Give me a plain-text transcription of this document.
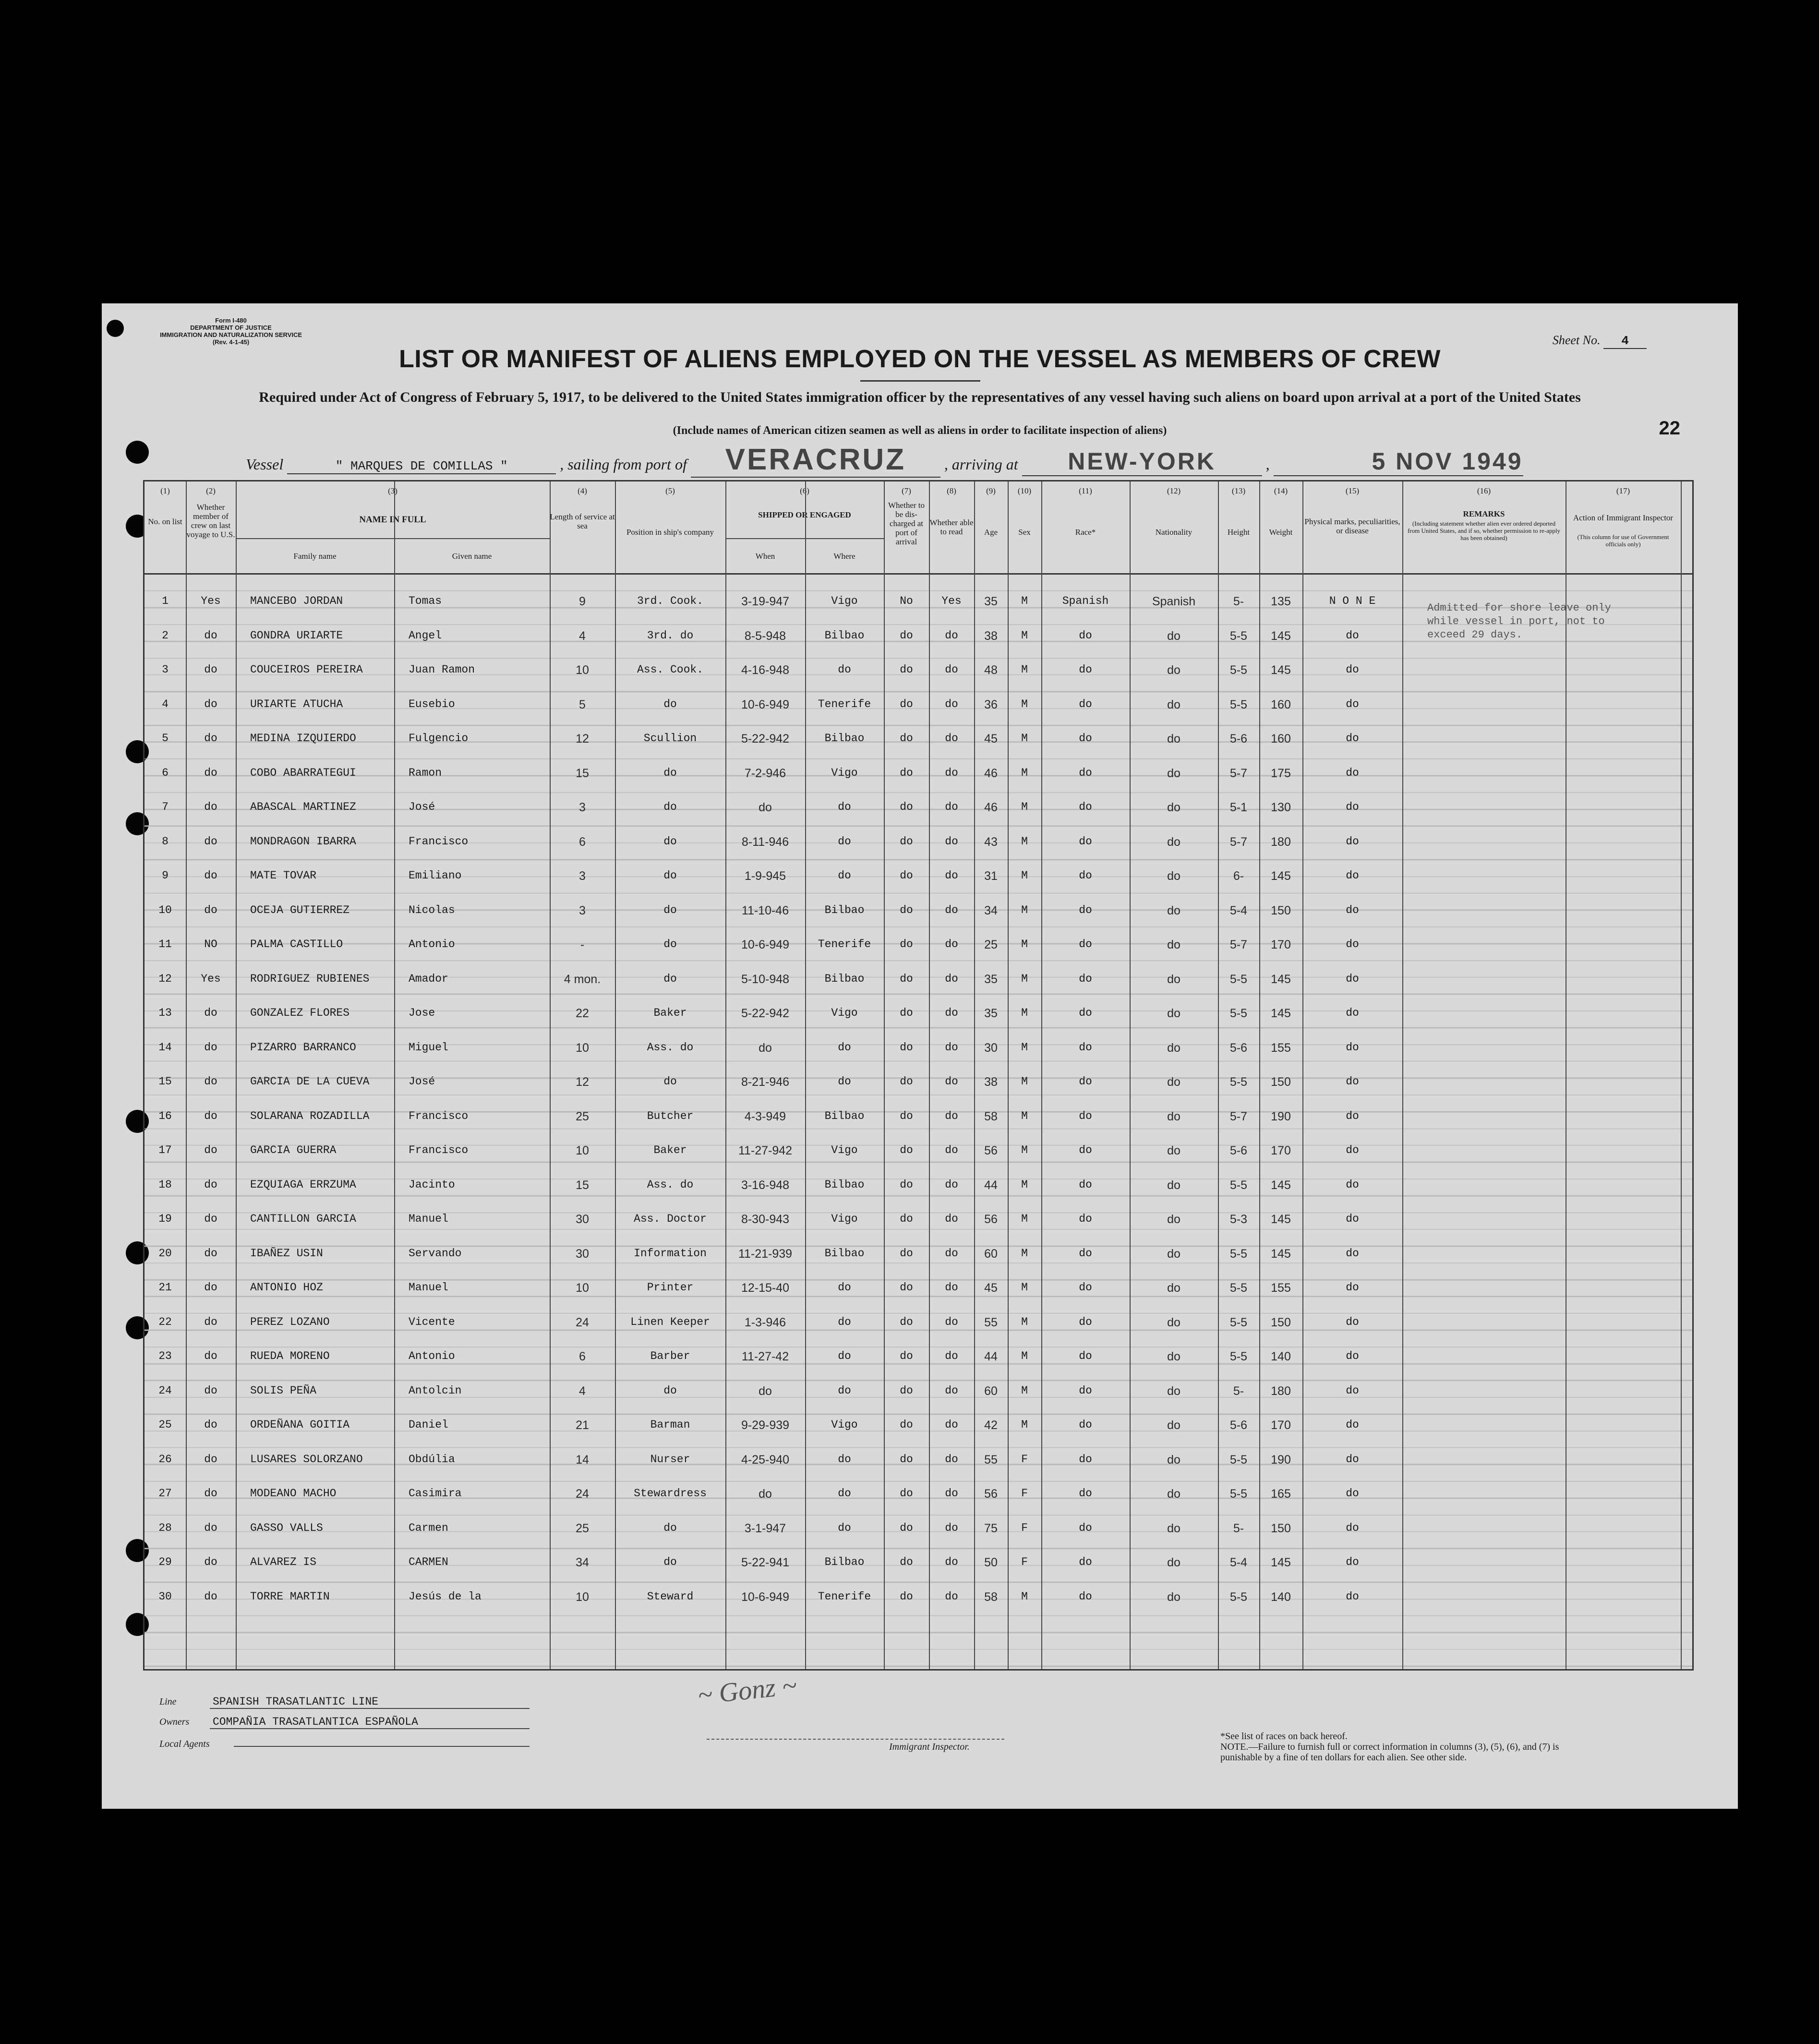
Form I-480
DEPARTMENT OF JUSTICE
IMMIGRATION AND NATURALIZATION SERVICE
(Rev. 4-1-45)	Sheet No. 4
LIST OR MANIFEST OF ALIENS EMPLOYED ON THE VESSEL AS MEMBERS OF CREW
Required under Act of Congress of February 5, 1917, to be delivered to the United States immigration officer by the representatives of any vessel having such aliens on board upon arrival at a port of the United States
(Include names of American citizen seamen as well as aliens in order to facilitate inspection of aliens)	22
Vessel	" MARQUES DE COMILLAS "	, sailing from port of VERACRUZ , arriving at NEW-YORK	,	5 NOV 1949
No. on list
Whether member of crew on last voyage to U.S.
NAME IN FULL
Family name	Given name
Length of service at sea
Position in ship's company
SHIPPED OR ENGAGED
When	Where
Whether to be dis-charged at port of arrival
Whether able to read	Age	Sex	Race*	Nationality	Height	Weight
Physical marks, peculiarities, or disease
REMARKS
(Including statement whether alien ever ordered deported from United States, and if so, whether permission to re-apply has been obtained)
Action of Immigrant Inspector
(This column for use of Government officials only)
(1)	(2)	(3)	(4)	(5)	(6)	(7)	(8)	(9)	(10)	(11)	(12)	(13)	(14)	(15)	(16)	(17)
1	Yes	MANCEBO JORDAN	Tomas	9	3rd. Cook.	3-19-947	Vigo	No	Yes	35	M	Spanish	Spanish	5-	135	N O N E
2	do	GONDRA URIARTE	Angel	4	3rd. do	8-5-948	Bilbao	do	do	38	M	do	do	5-5	145	do
3	do	COUCEIROS PEREIRA	Juan Ramon	10	Ass. Cook.	4-16-948	do	do	do	48	M	do	do	5-5	145	do
4	do	URIARTE ATUCHA	Eusebio	5	do	10-6-949	Tenerife	do	do	36	M	do	do	5-5	160	do
5	do	MEDINA IZQUIERDO	Fulgencio	12	Scullion	5-22-942	Bilbao	do	do	45	M	do	do	5-6	160	do
6	do	COBO ABARRATEGUI	Ramon	15	do	7-2-946	Vigo	do	do	46	M	do	do	5-7	175	do
7	do	ABASCAL MARTINEZ	José	3	do	do	do	do	do	46	M	do	do	5-1	130	do
8	do	MONDRAGON IBARRA	Francisco	6	do	8-11-946	do	do	do	43	M	do	do	5-7	180	do
9	do	MATE TOVAR	Emiliano	3	do	1-9-945	do	do	do	31	M	do	do	6-	145	do
10	do	OCEJA GUTIERREZ	Nicolas	3	do	11-10-46	Bilbao	do	do	34	M	do	do	5-4	150	do
11	NO	PALMA CASTILLO	Antonio	-	do	10-6-949	Tenerife	do	do	25	M	do	do	5-7	170	do
12	Yes	RODRIGUEZ RUBIENES	Amador	4 mon.	do	5-10-948	Bilbao	do	do	35	M	do	do	5-5	145	do
13	do	GONZALEZ FLORES	Jose	22	Baker	5-22-942	Vigo	do	do	35	M	do	do	5-5	145	do
14	do	PIZARRO BARRANCO	Miguel	10	Ass. do	do	do	do	do	30	M	do	do	5-6	155	do
15	do	GARCIA DE LA CUEVA	José	12	do	8-21-946	do	do	do	38	M	do	do	5-5	150	do
16	do	SOLARANA ROZADILLA	Francisco	25	Butcher	4-3-949	Bilbao	do	do	58	M	do	do	5-7	190	do
17	do	GARCIA GUERRA	Francisco	10	Baker	11-27-942	Vigo	do	do	56	M	do	do	5-6	170	do
18	do	EZQUIAGA ERRZUMA	Jacinto	15	Ass. do	3-16-948	Bilbao	do	do	44	M	do	do	5-5	145	do
19	do	CANTILLON GARCIA	Manuel	30	Ass. Doctor	8-30-943	Vigo	do	do	56	M	do	do	5-3	145	do
20	do	IBAÑEZ USIN	Servando	30	Information	11-21-939	Bilbao	do	do	60	M	do	do	5-5	145	do
21	do	ANTONIO HOZ	Manuel	10	Printer	12-15-40	do	do	do	45	M	do	do	5-5	155	do
22	do	PEREZ LOZANO	Vicente	24	Linen Keeper	1-3-946	do	do	do	55	M	do	do	5-5	150	do
23	do	RUEDA MORENO	Antonio	6	Barber	11-27-42	do	do	do	44	M	do	do	5-5	140	do
24	do	SOLIS PEÑA	Antolcin	4	do	do	do	do	do	60	M	do	do	5-	180	do
25	do	ORDEÑANA GOITIA	Daniel	21	Barman	9-29-939	Vigo	do	do	42	M	do	do	5-6	170	do
26	do	LUSARES SOLORZANO	Obdúlia	14	Nurser	4-25-940	do	do	do	55	F	do	do	5-5	190	do
27	do	MODEANO MACHO	Casimira	24	Stewardress	do	do	do	do	56	F	do	do	5-5	165	do
28	do	GASSO VALLS	Carmen	25	do	3-1-947	do	do	do	75	F	do	do	5-	150	do
29	do	ALVAREZ IS	CARMEN	34	do	5-22-941	Bilbao	do	do	50	F	do	do	5-4	145	do
30	do	TORRE MARTIN	Jesús de la	10	Steward	10-6-949	Tenerife	do	do	58	M	do	do	5-5	140	do
Admitted for shore leave only while vessel in port, not to exceed 29 days.
~ Gonz ~
Immigrant Inspector.
Line	SPANISH TRASATLANTIC LINE
Owners COMPAÑIA TRASATLANTICA ESPAÑOLA
Local Agents
*See list of races on back hereof.
NOTE.—Failure to furnish full or correct information in columns (3), (5), (6), and (7) is punishable by a fine of ten dollars for each alien. See other side.
